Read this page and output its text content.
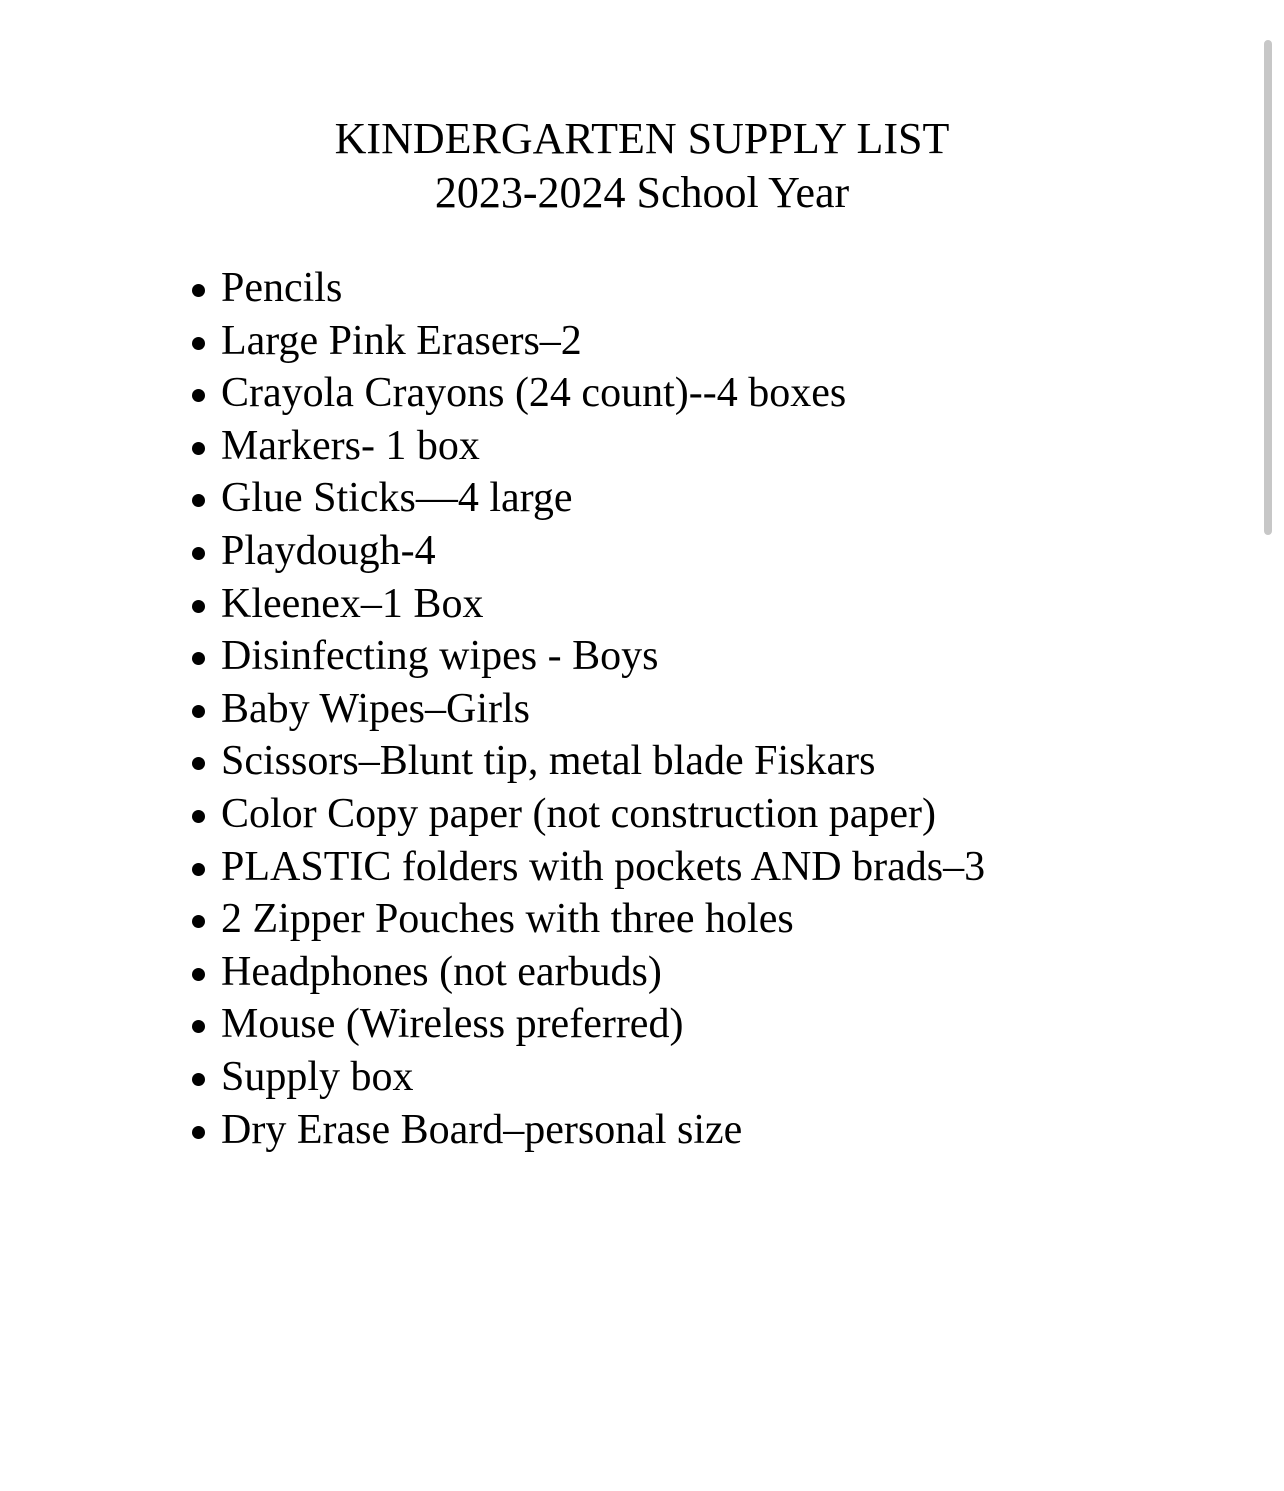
KINDERGARTEN SUPPLY LIST
2023-2024 School Year
Pencils
Large Pink Erasers–2
Crayola Crayons (24 count)--4 boxes
Markers- 1 box
Glue Sticks—4 large
Playdough-4
Kleenex–1 Box
Disinfecting wipes - Boys
Baby Wipes–Girls
Scissors–Blunt tip, metal blade Fiskars
Color Copy paper (not construction paper)
PLASTIC folders with pockets AND brads–3
2 Zipper Pouches with three holes
Headphones (not earbuds)
Mouse (Wireless preferred)
Supply box
Dry Erase Board–personal size
